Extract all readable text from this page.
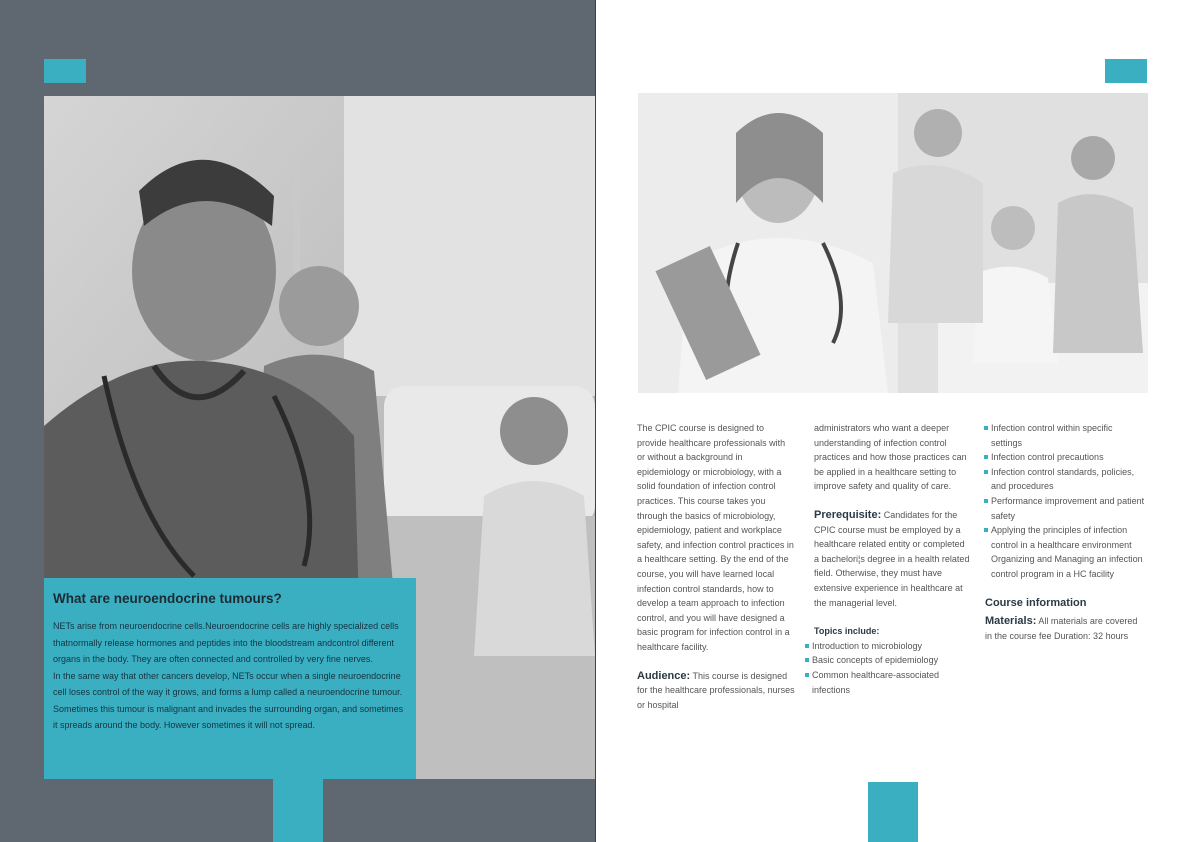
What are neuroendocrine tumours?

NETs arise from neuroendocrine cells.Neuroendocrine cells are highly specialized cells thatnormally release hormones and peptides into the bloodstream andcontrol different organs in the body. They are often connected and controlled by very fine nerves.

In the same way that other cancers develop, NETs occur when a single neuroendocrine cell loses control of the way it grows, and forms a lump called a neuroendocrine tumour. Sometimes this tumour is malignant and invades the surrounding organ, and sometimes it spreads around the body. However sometimes it will not spread.

The CPIC course is designed to provide healthcare professionals with or without a background in epidemiology or microbiology, with a solid foundation of infection control practices. This course takes you through the basics of microbiology, epidemiology, patient and workplace safety, and infection control practices in a healthcare setting. By the end of the course, you will have learned local infection control standards, how to develop a team approach to infection control, and you will have designed a basic program for infection control in a healthcare facility.

Audience: This course is designed for the healthcare professionals, nurses or hospital

administrators who want a deeper understanding of infection control practices and how those practices can be applied in a healthcare setting to improve safety and quality of care.

Prerequisite: Candidates for the CPIC course must be employed by a healthcare related entity or completed a bachelori¦s degree in a health related field. Otherwise, they must have extensive experience in healthcare at the managerial level.

Topics include:
Introduction to microbiology
Basic concepts of epidemiology
Common healthcare-associated infections
Infection control within specific settings
Infection control precautions
Infection control standards, policies, and procedures
Performance improvement and patient safety
Applying the principles of infection control in a healthcare environment Organizing and Managing an infection control program in a HC facility
Course information

Materials: All materials are covered in the course fee Duration: 32 hours
